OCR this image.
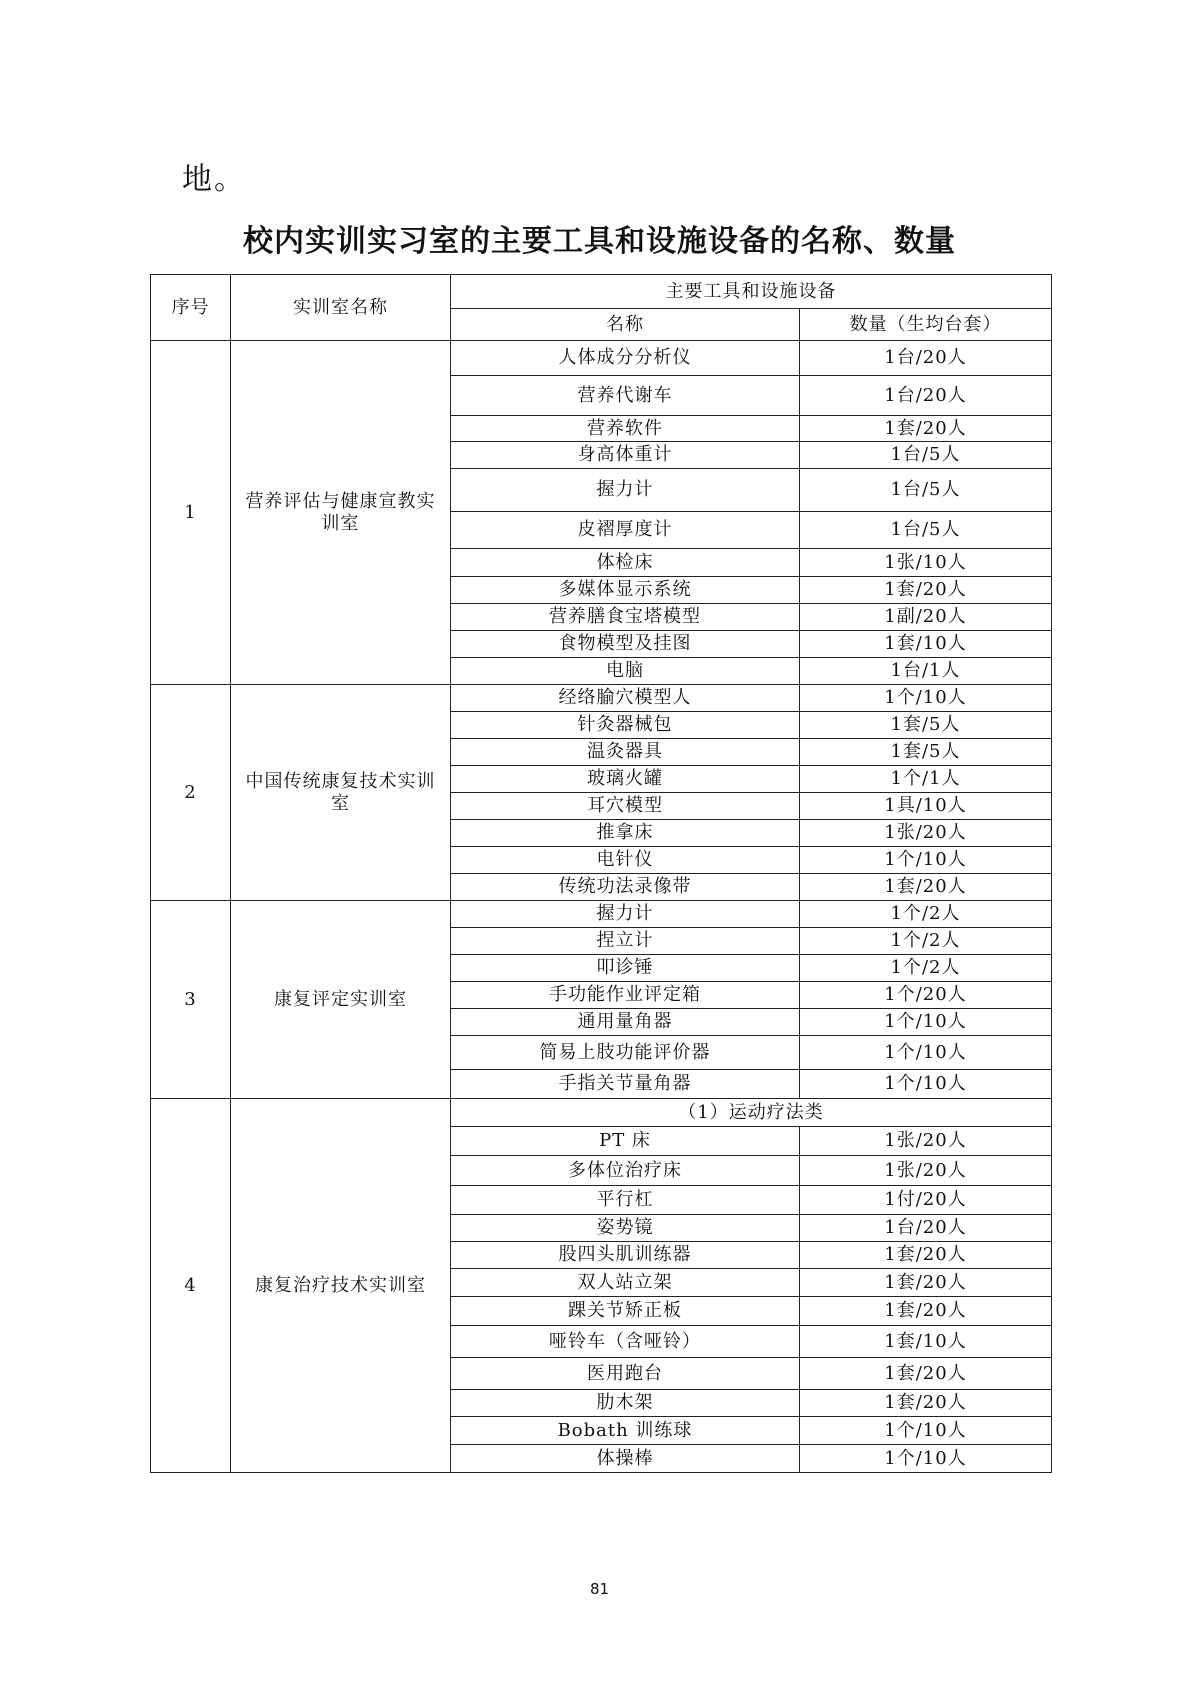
地。
校内实训实习室的主要工具和设施设备的名称、数量
序号	实训室名称	主要工具和设施设备	
		名称	数量（生均台套）
1	营养评估与健康宣教实训室	人体成分分析仪	1台/20人
		营养代谢车	1台/20人
		营养软件	1套/20人
		身高体重计	1台/5人
		握力计	1台/5人
		皮褶厚度计	1台/5人
		体检床	1张/10人
		多媒体显示系统	1套/20人
		营养膳食宝塔模型	1副/20人
		食物模型及挂图	1套/10人
		电脑	1台/1人
2	中国传统康复技术实训室	经络腧穴模型人	1个/10人
		针灸器械包	1套/5人
		温灸器具	1套/5人
		玻璃火罐	1个/1人
		耳穴模型	1具/10人
		推拿床	1张/20人
		电针仪	1个/10人
		传统功法录像带	1套/20人
3	康复评定实训室	握力计	1个/2人
		捏立计	1个/2人
		叩诊锤	1个/2人
		手功能作业评定箱	1个/20人
		通用量角器	1个/10人
		简易上肢功能评价器	1个/10人
		手指关节量角器	1个/10人
4	康复治疗技术实训室	（1）运动疗法类	
		PT 床	1张/20人
		多体位治疗床	1张/20人
		平行杠	1付/20人
		姿势镜	1台/20人
		股四头肌训练器	1套/20人
		双人站立架	1套/20人
		踝关节矫正板	1套/20人
		哑铃车（含哑铃）	1套/10人
		医用跑台	1套/20人
		肋木架	1套/20人
		Bobath 训练球	1个/10人
		体操棒	1个/10人
81
